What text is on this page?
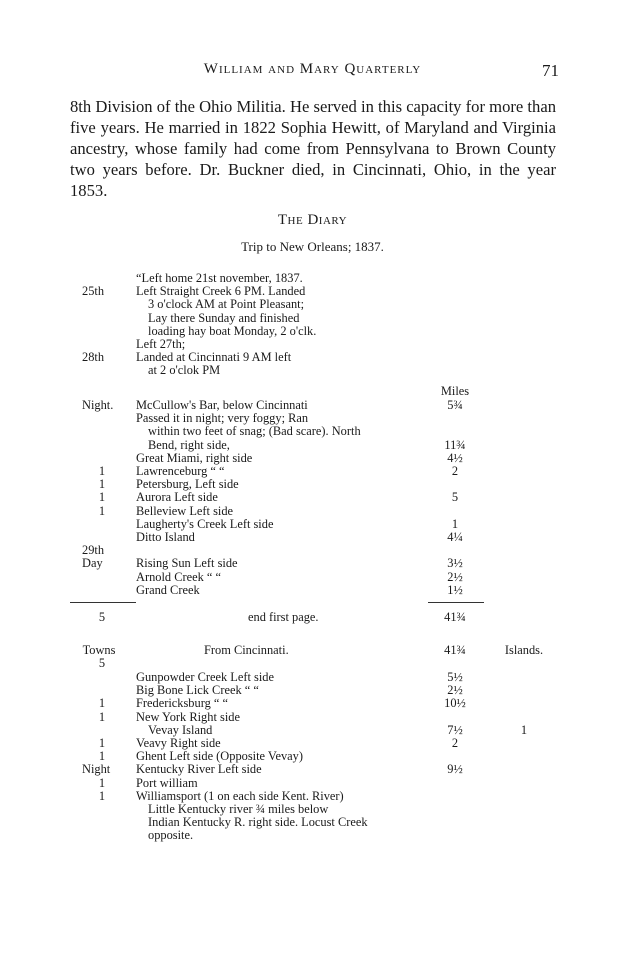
William and Mary Quarterly	71

8th Division of the Ohio Militia. He served in this capacity for more than five years. He married in 1822 Sophia Hewitt, of Maryland and Virginia ancestry, whose family had come from Pennsylvana to Brown County two years before. Dr. Buckner died, in Cincinnati, Ohio, in the year 1853.

The Diary
Trip to New Orleans; 1837.
Miles
“Left home 21st november, 1837.
25th	Left Straight Creek 6 PM. Landed
3 o'clock AM at Point Pleasant;
Lay there Sunday and finished
loading hay boat Monday, 2 o'clk.
Left 27th;
28th	Landed at Cincinnati 9 AM left
at 2 o'clok PM
Night.	McCullow's Bar, below Cincinnati	5¾
Passed it in night; very foggy; Ran
within two feet of snag; (Bad scare). North
Bend, right side,	11¾
Great Miami, right side	4½
1	Lawrenceburg “ “	2
1	Petersburg, Left side
1	Aurora Left side	5
1	Belleview Left side
Laugherty's Creek Left side	1
Ditto Island	4¼
29th
Day	Rising Sun Left side	3½
Arnold Creek “ “	2½
Grand Creek	1½
5	end first page.	41¾
Towns	From Cincinnati.	41¾	Islands.
5
Gunpowder Creek Left side	5½
Big Bone Lick Creek “ “	2½
1	Fredericksburg “ “	10½
1	New York Right side
Vevay Island	7½	1
1	Veavy Right side	2
1	Ghent Left side (Opposite Vevay)
Night	Kentucky River Left side	9½
1	Port william
1	Williamsport (1 on each side Kent. River)
Little Kentucky river ¾ miles below
Indian Kentucky R. right side. Locust Creek
opposite.
